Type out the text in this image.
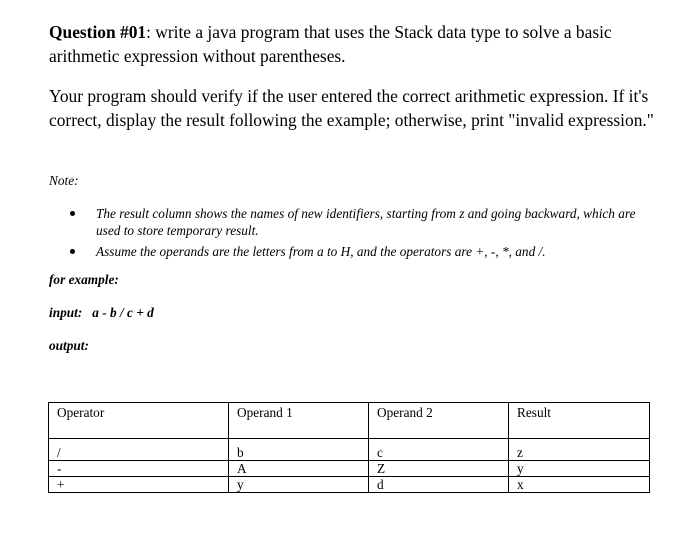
Question #01: write a java program that uses the Stack data type to solve a basic arithmetic expression without parentheses.
Your program should verify if the user entered the correct arithmetic expression. If it's correct, display the result following the example; otherwise, print "invalid expression."
Note:
The result column shows the names of new identifiers, starting from z and going backward, which are used to store temporary result.
Assume the operands are the letters from a to H, and the operators are +, -, *, and /.
for example:
input: a - b / c + d
output:
Operator	Operand 1	Operand 2	Result
/	b	c	z
-	A	Z	y
+	y	d	x
